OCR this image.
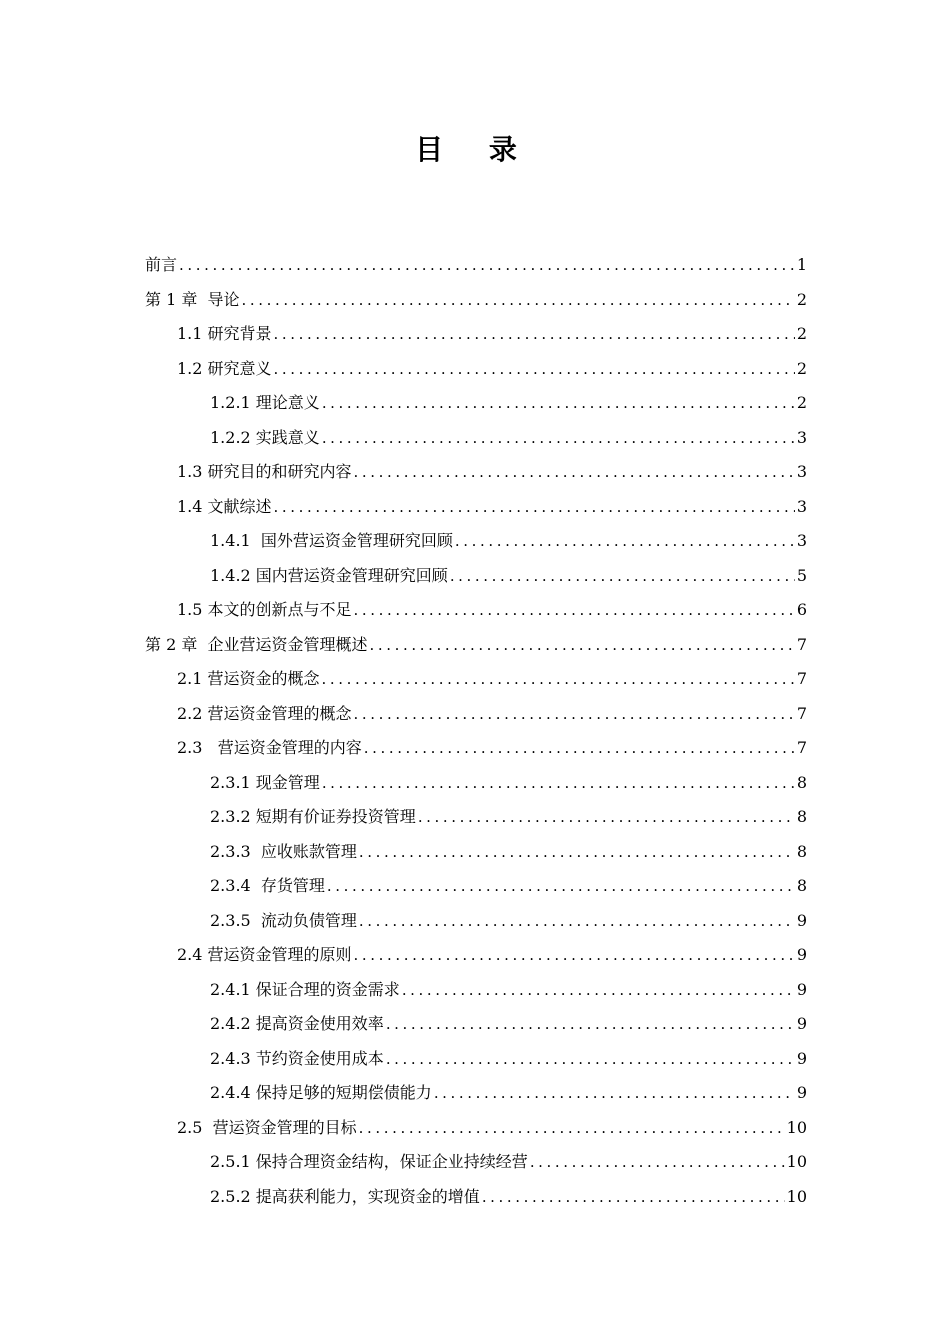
目 录
前言 .....	1
第 1 章  导论 .....	2
1.1 研究背景 .....	2
1.2 研究意义 .....	2
1.2.1 理论意义 .....	2
1.2.2 实践意义 .....	3
1.3 研究目的和研究内容 .....	3
1.4 文献综述 .....	3
1.4.1  国外营运资金管理研究回顾 .....	3
1.4.2 国内营运资金管理研究回顾 .....	5
1.5 本文的创新点与不足 .....	6
第 2 章  企业营运资金管理概述 .....	7
2.1 营运资金的概念 .....	7
2.2 营运资金管理的概念 .....	7
2.3   营运资金管理的内容 .....	7
2.3.1 现金管理 .....	8
2.3.2 短期有价证券投资管理 .....	8
2.3.3  应收账款管理 .....	8
2.3.4  存货管理 .....	8
2.3.5  流动负债管理 .....	9
2.4 营运资金管理的原则 .....	9
2.4.1 保证合理的资金需求 .....	9
2.4.2 提高资金使用效率 .....	9
2.4.3 节约资金使用成本 .....	9
2.4.4 保持足够的短期偿债能力 .....	9
2.5  营运资金管理的目标 .....	10
2.5.1 保持合理资金结构，保证企业持续经营 .....	10
2.5.2 提高获利能力，实现资金的增值 .....	10
